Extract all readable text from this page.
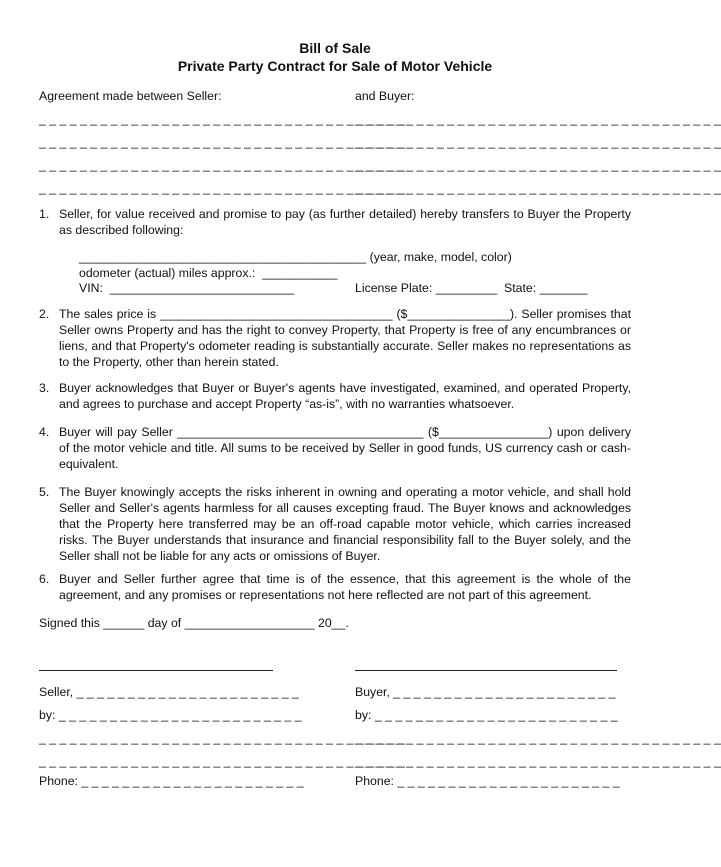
Bill of Sale
Private Party Contract for Sale of Motor Vehicle
Agreement made between Seller:	and Buyer:
_ _ _ _ _ _ _ _ _ _ _ _ _ _ _ _ _ _ _ _ _ _ _ _ _ _ _ _ _ _ _ _ _ _ _ _
_ _ _ _ _ _ _ _ _ _ _ _ _ _ _ _ _ _ _ _ _ _ _ _ _ _ _ _ _ _ _ _ _ _ _ _
_ _ _ _ _ _ _ _ _ _ _ _ _ _ _ _ _ _ _ _ _ _ _ _ _ _ _ _ _ _ _ _ _ _ _ _
_ _ _ _ _ _ _ _ _ _ _ _ _ _ _ _ _ _ _ _ _ _ _ _ _ _ _ _ _ _ _ _ _ _ _ _
_ _ _ _ _ _ _ _ _ _ _ _ _ _ _ _ _ _ _ _ _ _ _ _ _ _ _ _ _ _ _ _ _ _ _ _
_ _ _ _ _ _ _ _ _ _ _ _ _ _ _ _ _ _ _ _ _ _ _ _ _ _ _ _ _ _ _ _ _ _ _ _
_ _ _ _ _ _ _ _ _ _ _ _ _ _ _ _ _ _ _ _ _ _ _ _ _ _ _ _ _ _ _ _ _ _ _ _
_ _ _ _ _ _ _ _ _ _ _ _ _ _ _ _ _ _ _ _ _ _ _ _ _ _ _ _ _ _ _ _ _ _ _ _
1. Seller, for value received and promise to pay (as further detailed) hereby transfers to Buyer the Property as described following:
__________________________________________ (year, make, model, color)
odometer (actual) miles approx.:  ___________
VIN:  ___________________________	License Plate: _________  State: _______
2. The sales price is __________________________________ ($_______________). Seller promises that Seller owns Property and has the right to convey Property, that Property is free of any encumbrances or liens, and that Property's odometer reading is substantially accurate. Seller makes no representations as to the Property, other than herein stated.
3. Buyer acknowledges that Buyer or Buyer's agents have investigated, examined, and operated Property, and agrees to purchase and accept Property “as-is”, with no warranties whatsoever.
4. Buyer will pay Seller ____________________________________ ($________________) upon delivery of the motor vehicle and title. All sums to be received by Seller in good funds, US currency cash or cash-equivalent.
5. The Buyer knowingly accepts the risks inherent in owning and operating a motor vehicle, and shall hold Seller and Seller's agents harmless for all causes excepting fraud. The Buyer knows and acknowledges that the Property here transferred may be an off-road capable motor vehicle, which carries increased risks. The Buyer understands that insurance and financial responsibility fall to the Buyer solely, and the Seller shall not be liable for any acts or omissions of Buyer.
6. Buyer and Seller further agree that time is of the essence, that this agreement is the whole of the agreement, and any promises or representations not here reflected are not part of this agreement.
Signed this ______ day of ___________________ 20__.
Seller, _ _ _ _ _ _ _ _ _ _ _ _ _ _ _ _ _ _ _ _ _ _	Buyer, _ _ _ _ _ _ _ _ _ _ _ _ _ _ _ _ _ _ _ _ _ _
by: _ _ _ _ _ _ _ _ _ _ _ _ _ _ _ _ _ _ _ _ _ _ _ _	by: _ _ _ _ _ _ _ _ _ _ _ _ _ _ _ _ _ _ _ _ _ _ _ _
_ _ _ _ _ _ _ _ _ _ _ _ _ _ _ _ _ _ _ _ _ _ _ _ _ _ _ _ _ _ _ _ _ _ _ _
_ _ _ _ _ _ _ _ _ _ _ _ _ _ _ _ _ _ _ _ _ _ _ _ _ _ _ _ _ _ _ _ _ _ _ _
_ _ _ _ _ _ _ _ _ _ _ _ _ _ _ _ _ _ _ _ _ _ _ _ _ _ _ _ _ _ _ _ _ _ _ _
_ _ _ _ _ _ _ _ _ _ _ _ _ _ _ _ _ _ _ _ _ _ _ _ _ _ _ _ _ _ _ _ _ _ _ _
Phone: _ _ _ _ _ _ _ _ _ _ _ _ _ _ _ _ _ _ _ _ _ _	Phone: _ _ _ _ _ _ _ _ _ _ _ _ _ _ _ _ _ _ _ _ _ _
